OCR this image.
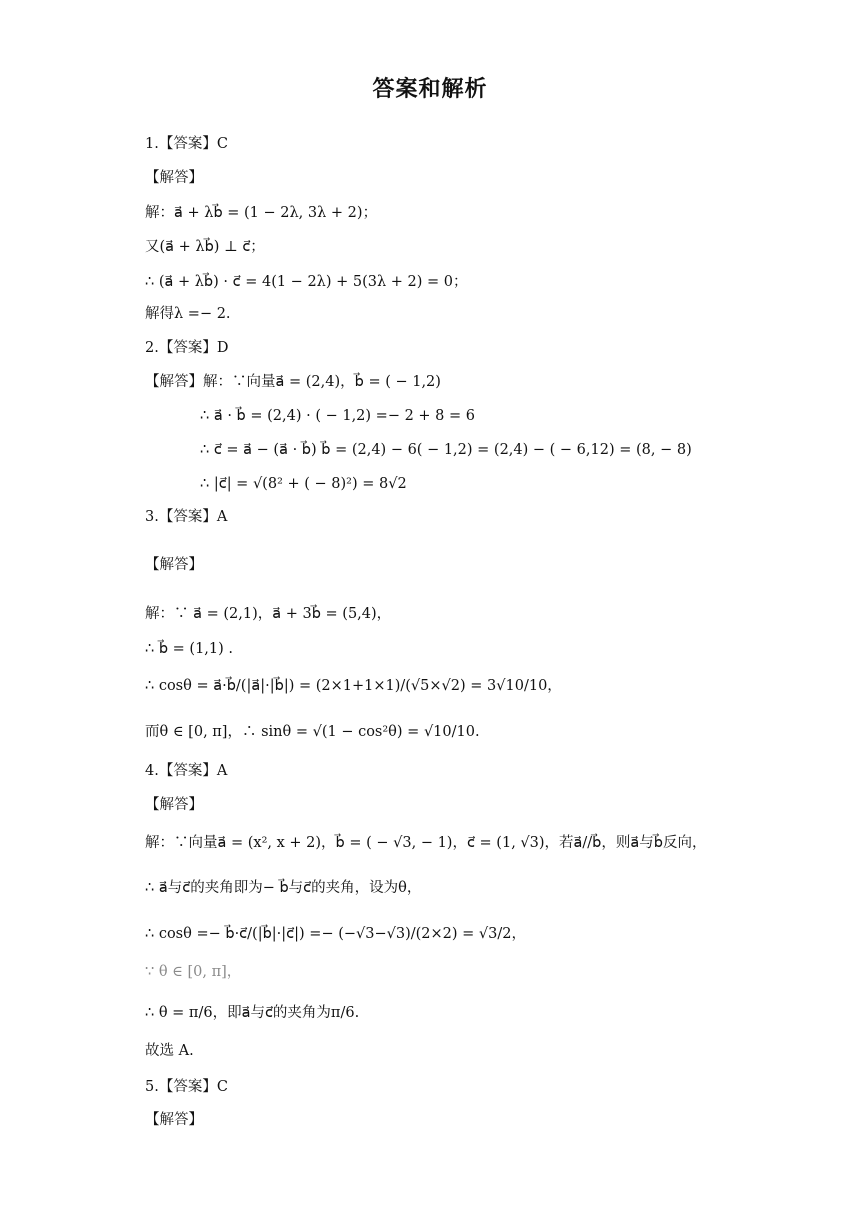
答案和解析
1.【答案】C
【解答】
解：a⃗ + λb⃗ = (1 − 2λ, 3λ + 2)；
又(a⃗ + λb⃗) ⊥ c⃗；
∴ (a⃗ + λb⃗) · c⃗ = 4(1 − 2λ) + 5(3λ + 2) = 0；
解得λ =− 2.
2.【答案】D
【解答】解：∵向量a⃗ = (2,4)，b⃗ = ( − 1,2)
∴ a⃗ · b⃗ = (2,4) · ( − 1,2) =− 2 + 8 = 6
∴ c⃗ = a⃗ − (a⃗ · b⃗) b⃗ = (2,4) − 6( − 1,2) = (2,4) − ( − 6,12) = (8, − 8)
∴ |c⃗| = √(8² + ( − 8)²) = 8√2
3.【答案】A
【解答】
解：∵ a⃗ = (2,1)，a⃗ + 3b⃗ = (5,4)，
∴ b⃗ = (1,1) .
∴ cosθ = a⃗·b⃗/(|a⃗|·|b⃗|) = (2×1+1×1)/(√5×√2) = 3√10/10，
而θ ∈ [0, π]，∴ sinθ = √(1 − cos²θ) = √10/10.
4.【答案】A
【解答】
解：∵向量a⃗ = (x², x + 2)，b⃗ = ( − √3, − 1)，c⃗ = (1, √3)，若a⃗//b⃗，则a⃗与b⃗反向，
∴ a⃗与c⃗的夹角即为− b⃗与c⃗的夹角，设为θ，
∴ cosθ =− b⃗·c⃗/(|b⃗|·|c⃗|) =− (−√3−√3)/(2×2) = √3/2，
∵ θ ∈ [0, π]，
∴ θ = π/6，即a⃗与c⃗的夹角为π/6.
故选 A.
5.【答案】C
【解答】
